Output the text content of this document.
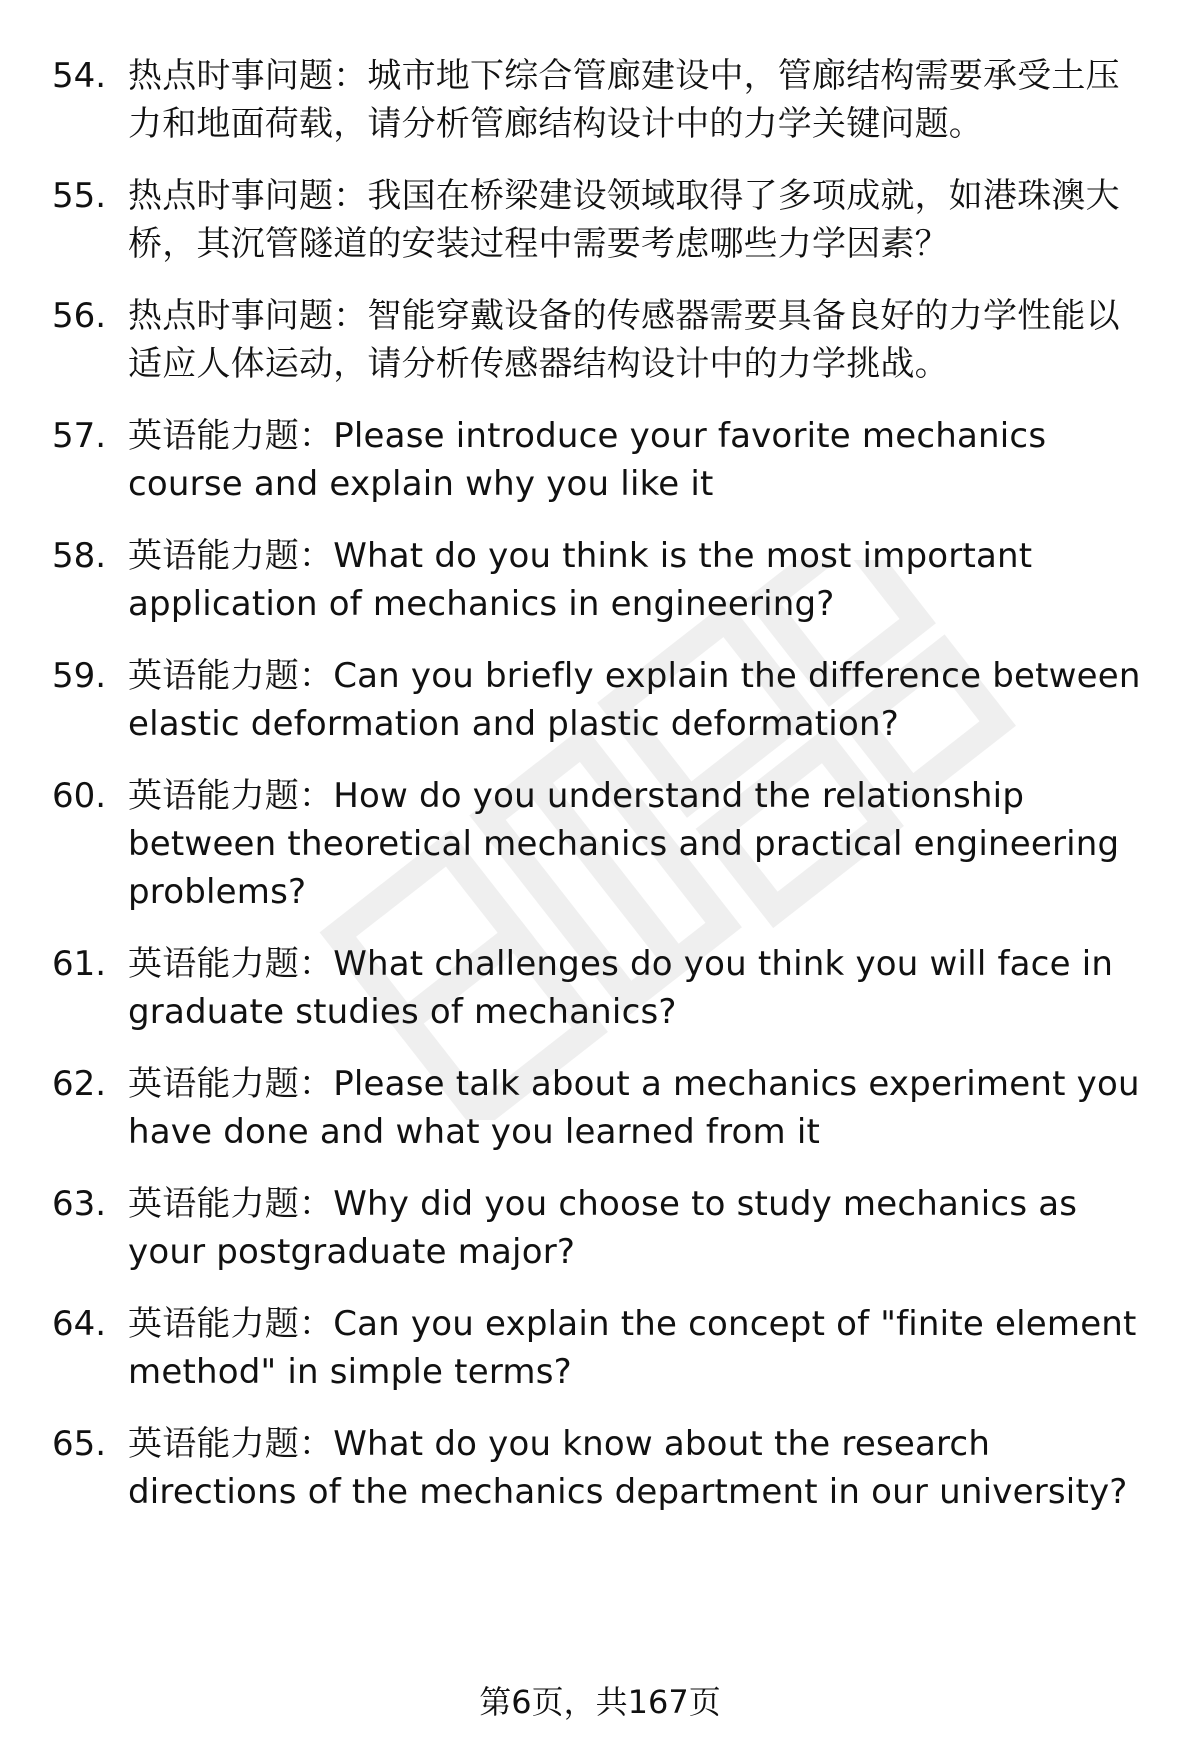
54. 热点时事问题：城市地下综合管廊建设中，管廊结构需要承受土压力和地面荷载，请分析管廊结构设计中的力学关键问题。
55. 热点时事问题：我国在桥梁建设领域取得了多项成就，如港珠澳大桥，其沉管隧道的安装过程中需要考虑哪些力学因素？
56. 热点时事问题：智能穿戴设备的传感器需要具备良好的力学性能以适应人体运动，请分析传感器结构设计中的力学挑战。
57. 英语能力题：Please introduce your favorite mechanics course and explain why you like it
58. 英语能力题：What do you think is the most important application of mechanics in engineering?
59. 英语能力题：Can you briefly explain the difference between elastic deformation and plastic deformation?
60. 英语能力题：How do you understand the relationship between theoretical mechanics and practical engineering problems?
61. 英语能力题：What challenges do you think you will face in graduate studies of mechanics?
62. 英语能力题：Please talk about a mechanics experiment you have done and what you learned from it
63. 英语能力题：Why did you choose to study mechanics as your postgraduate major?
64. 英语能力题：Can you explain the concept of "finite element method" in simple terms?
65. 英语能力题：What do you know about the research directions of the mechanics department in our university?
第6页，共167页
